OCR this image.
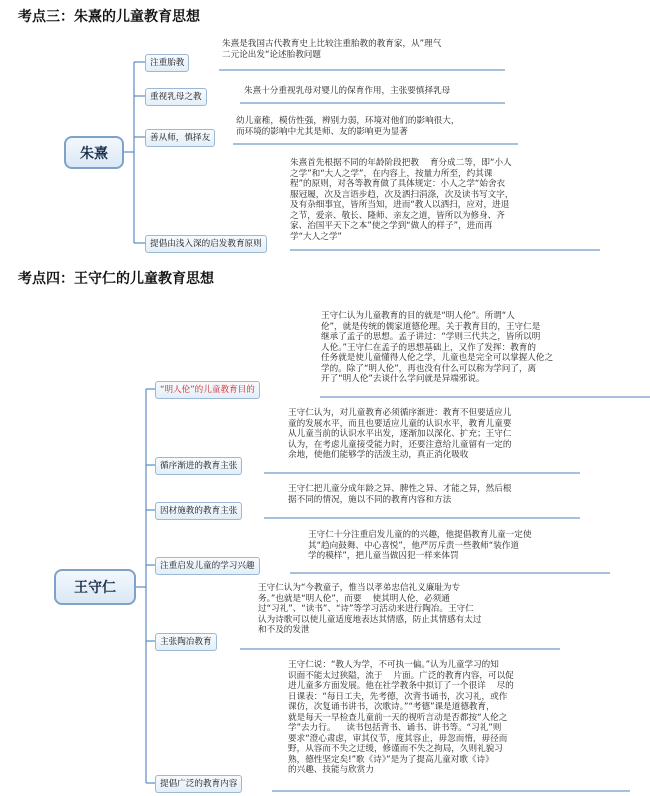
考点三：朱熹的儿童教育思想
朱熹
注重胎教
朱熹是我国古代教育史上比较注重胎教的教育家，从”理气
二元论出发“论述胎教问题
重视乳母之教
朱熹十分重视乳母对婴儿的保育作用，主张要慎择乳母
善从师，慎择友
幼儿童稚，模仿性强，辨别力弱，环境对他们的影响很大，
而环境的影响中尤其是师、友的影响更为显著
提倡由浅入深的启发教育原则
朱熹首先根据不同的年龄阶段把教    育分成二等，即“小人
之学”和“大人之学”，在内容上，按量力所至，约其课
程”的原则，对各等教育做了具体规定：小人之学“始舍衣
服冠履，次及言语步趋，次及洒扫涓涤，次及读书写文字，
及有杂细事宜，皆所当知，进而“教人以洒扫，应对，进退
之节，爱亲、敬长、隆师、亲友之道，皆所以为修身、齐
家、治国平天下之本”使之学到“做人的样子”，进而再
学“大人之学”
考点四：王守仁的儿童教育思想
王守仁
“明人伦”的儿童教育目的
王守仁认为儿童教育的目的就是“明人伦”。所谓“人
伦”，就是传统的儒家道德伦理。关于教育目的，王守仁是
继承了孟子的思想。孟子讲过：“学则三代共之，皆所以明
人伦。”王守仁在孟子的思想基础上，又作了发挥：教育的
任务就是使儿童懂得人伦之学，儿童也是完全可以掌握人伦之
学的。除了“明人伦”，再也没有什么可以称为学问了，离
开了“明人伦”去谈什么学问就是异端邪说。
循序渐进的教育主张
王守仁认为，对儿童教育必须循序渐进：教育不但要适应儿
童的发展水平，而且也要适应儿童的认识水平，教育儿童要
从儿童当前的认识水平出发，逐渐加以深化、扩充；王守仁
认为，在考虑儿童接受能力时，还要注意给儿童留有一定的
余地，使他们能够学的活泼主动，真正消化吸收
因材施教的教育主张
王守仁把儿童分成年龄之异、脾性之异、才能之异，然后根
据不同的情况，施以不同的教育内容和方法
注重启发儿童的学习兴趣
王守仁十分注重启发儿童的的兴趣，他提倡教育儿童一定使
其“趋向鼓舞、中心喜悦”，他严厉斥责一些教师“装作道
学的模样”，把儿童当做囚犯一样来体罚
主张陶冶教育
王守仁认为“今教童子，惟当以孝弟忠信礼义廉耻为专
务。”也就是“明人伦”，而要    使其明人伦，必须通
过“习礼”、“读书”、“诗”等学习活动来进行陶冶。王守仁
认为诗歌可以使儿童适度地表达其情感，防止其情感有太过
和不及的发泄
提倡广泛的教育内容
王守仁说：“教人为学，不可执一偏。”认为儿童学习的知
识面不能太过狭隘，流于    片面。广泛的教育内容，可以促
进儿童多方面发展。他在社学教条中拟订了一个很详    尽的
日课表：“每日工夫，先考德，次背书诵书，次习礼，或作
课仿，次复诵书讲书，次歌诗。”“考德”课是道德教育，
就是每天一早检查儿童前一天的视听言动是否都按“人伦之
学”去力行。    读书包括背书、诵书、讲书等。“习礼”则
要求“澄心肃虑，审其仪节，度其容止，毋忽而惰，毋径而
野，从容而不失之迂缓，修谨而不失之拘局，久则礼貌习
熟，德性坚定矣!”歌《诗》”是为了提高儿童对歌《诗》
的兴趣、技能与欣赏力
